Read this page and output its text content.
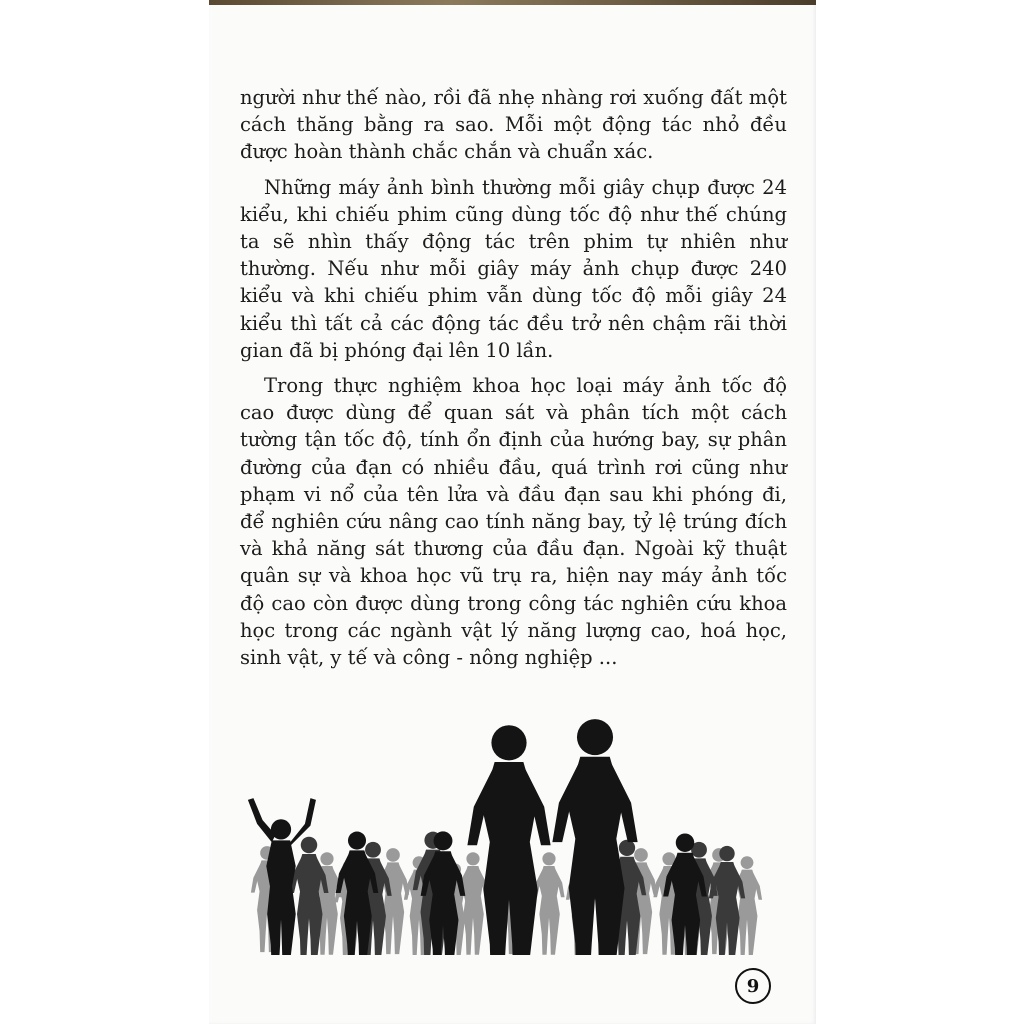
người như thế nào, rồi đã nhẹ nhàng rơi xuống đất một cách thăng bằng ra sao. Mỗi một động tác nhỏ đều được hoàn thành chắc chắn và chuẩn xác.

Những máy ảnh bình thường mỗi giây chụp được 24 kiểu, khi chiếu phim cũng dùng tốc độ như thế chúng ta sẽ nhìn thấy động tác trên phim tự nhiên như thường. Nếu như mỗi giây máy ảnh chụp được 240 kiểu và khi chiếu phim vẫn dùng tốc độ mỗi giây 24 kiểu thì tất cả các động tác đều trở nên chậm rãi thời gian đã bị phóng đại lên 10 lần.

Trong thực nghiệm khoa học loại máy ảnh tốc độ cao được dùng để quan sát và phân tích một cách tường tận tốc độ, tính ổn định của hướng bay, sự phân đường của đạn có nhiều đầu, quá trình rơi cũng như phạm vi nổ của tên lửa và đầu đạn sau khi phóng đi, để nghiên cứu nâng cao tính năng bay, tỷ lệ trúng đích và khả năng sát thương của đầu đạn. Ngoài kỹ thuật quân sự và khoa học vũ trụ ra, hiện nay máy ảnh tốc độ cao còn được dùng trong công tác nghiên cứu khoa học trong các ngành vật lý năng lượng cao, hoá học, sinh vật, y tế và công - nông nghiệp ...

9
